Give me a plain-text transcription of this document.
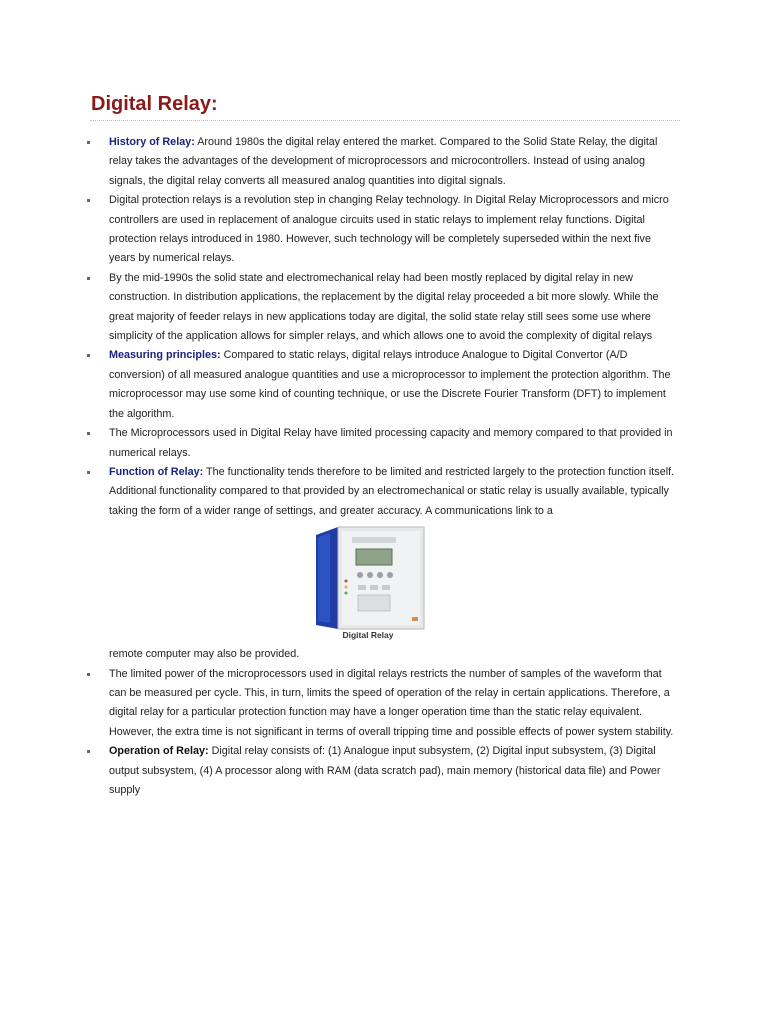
Digital Relay:
History of Relay: Around 1980s the digital relay entered the market. Compared to the Solid State Relay, the digital relay takes the advantages of the development of microprocessors and microcontrollers. Instead of using analog signals, the digital relay converts all measured analog quantities into digital signals.
Digital protection relays is a revolution step in changing Relay technology. In Digital Relay Microprocessors and micro controllers are used in replacement of analogue circuits used in static relays to implement relay functions. Digital protection relays introduced in 1980. However, such technology will be completely superseded within the next five years by numerical relays.
By the mid-1990s the solid state and electromechanical relay had been mostly replaced by digital relay in new construction. In distribution applications, the replacement by the digital relay proceeded a bit more slowly. While the great majority of feeder relays in new applications today are digital, the solid state relay still sees some use where simplicity of the application allows for simpler relays, and which allows one to avoid the complexity of digital relays
Measuring principles: Compared to static relays, digital relays introduce Analogue to Digital Convertor (A/D conversion) of all measured analogue quantities and use a microprocessor to implement the protection algorithm. The microprocessor may use some kind of counting technique, or use the Discrete Fourier Transform (DFT) to implement the algorithm.
The Microprocessors used in Digital Relay have limited processing capacity and memory compared to that provided in numerical relays.
Function of Relay: The functionality tends therefore to be limited and restricted largely to the protection function itself. Additional functionality compared to that provided by an electromechanical or static relay is usually available, typically taking the form of a wider range of settings, and greater accuracy. A communications link to a
Digital Relay
remote computer may also be provided.
The limited power of the microprocessors used in digital relays restricts the number of samples of the waveform that can be measured per cycle. This, in turn, limits the speed of operation of the relay in certain applications. Therefore, a digital relay for a particular protection function may have a longer operation time than the static relay equivalent. However, the extra time is not significant in terms of overall tripping time and possible effects of power system stability.
Operation of Relay: Digital relay consists of: (1) Analogue input subsystem, (2) Digital input subsystem, (3) Digital output subsystem, (4) A processor along with RAM (data scratch pad), main memory (historical data file) and Power supply
